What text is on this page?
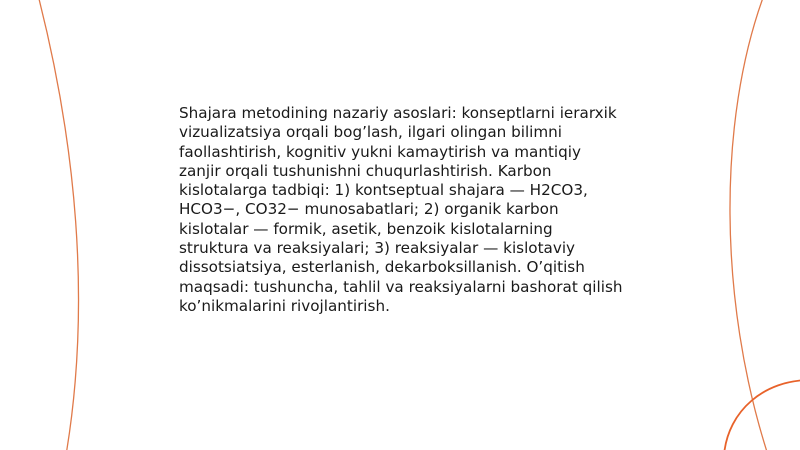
Shajara metodining nazariy asoslari: konseptlarni ierarxik vizualizatsiya orqali bog’lash, ilgari olingan bilimni faollashtirish, kognitiv yukni kamaytirish va mantiqiy zanjir orqali tushunishni chuqurlashtirish. Karbon kislotalarga tadbiqi: 1) kontseptual shajara — H2CO3, HCO3−, CO32− munosabatlari; 2) organik karbon kislotalar — formik, asetik, benzoik kislotalarning struktura va reaksiyalari; 3) reaksiyalar — kislotaviy dissotsiatsiya, esterlanish, dekarboksillanish. O’qitish maqsadi: tushuncha, tahlil va reaksiyalarni bashorat qilish ko’nikmalarini rivojlantirish.
